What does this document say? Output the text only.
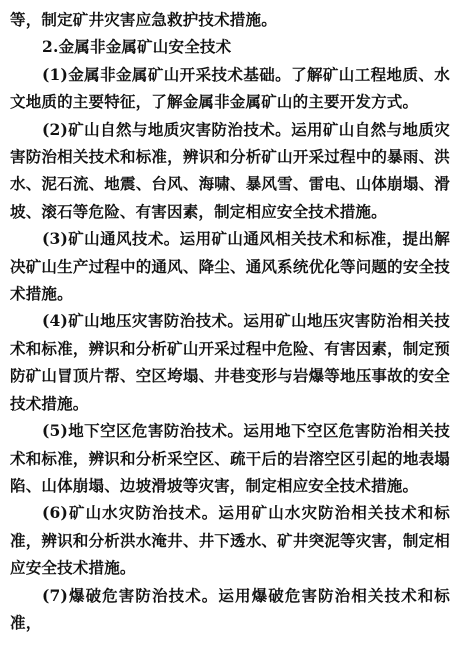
等，制定矿井灾害应急救护技术措施。

2.金属非金属矿山安全技术

(1)金属非金属矿山开采技术基础。了解矿山工程地质、水文地质的主要特征，了解金属非金属矿山的主要开发方式。

(2)矿山自然与地质灾害防治技术。运用矿山自然与地质灾害防治相关技术和标准，辨识和分析矿山开采过程中的暴雨、洪水、泥石流、地震、台风、海啸、暴风雪、雷电、山体崩塌、滑坡、滚石等危险、有害因素，制定相应安全技术措施。

(3)矿山通风技术。运用矿山通风相关技术和标准，提出解决矿山生产过程中的通风、降尘、通风系统优化等问题的安全技术措施。

(4)矿山地压灾害防治技术。运用矿山地压灾害防治相关技术和标准，辨识和分析矿山开采过程中危险、有害因素，制定预防矿山冒顶片帮、空区垮塌、井巷变形与岩爆等地压事故的安全技术措施。

(5)地下空区危害防治技术。运用地下空区危害防治相关技术和标准，辨识和分析采空区、疏干后的岩溶空区引起的地表塌陷、山体崩塌、边坡滑坡等灾害，制定相应安全技术措施。

(6)矿山水灾防治技术。运用矿山水灾防治相关技术和标准，辨识和分析洪水淹井、井下透水、矿井突泥等灾害，制定相应安全技术措施。

(7)爆破危害防治技术。运用爆破危害防治相关技术和标准，
